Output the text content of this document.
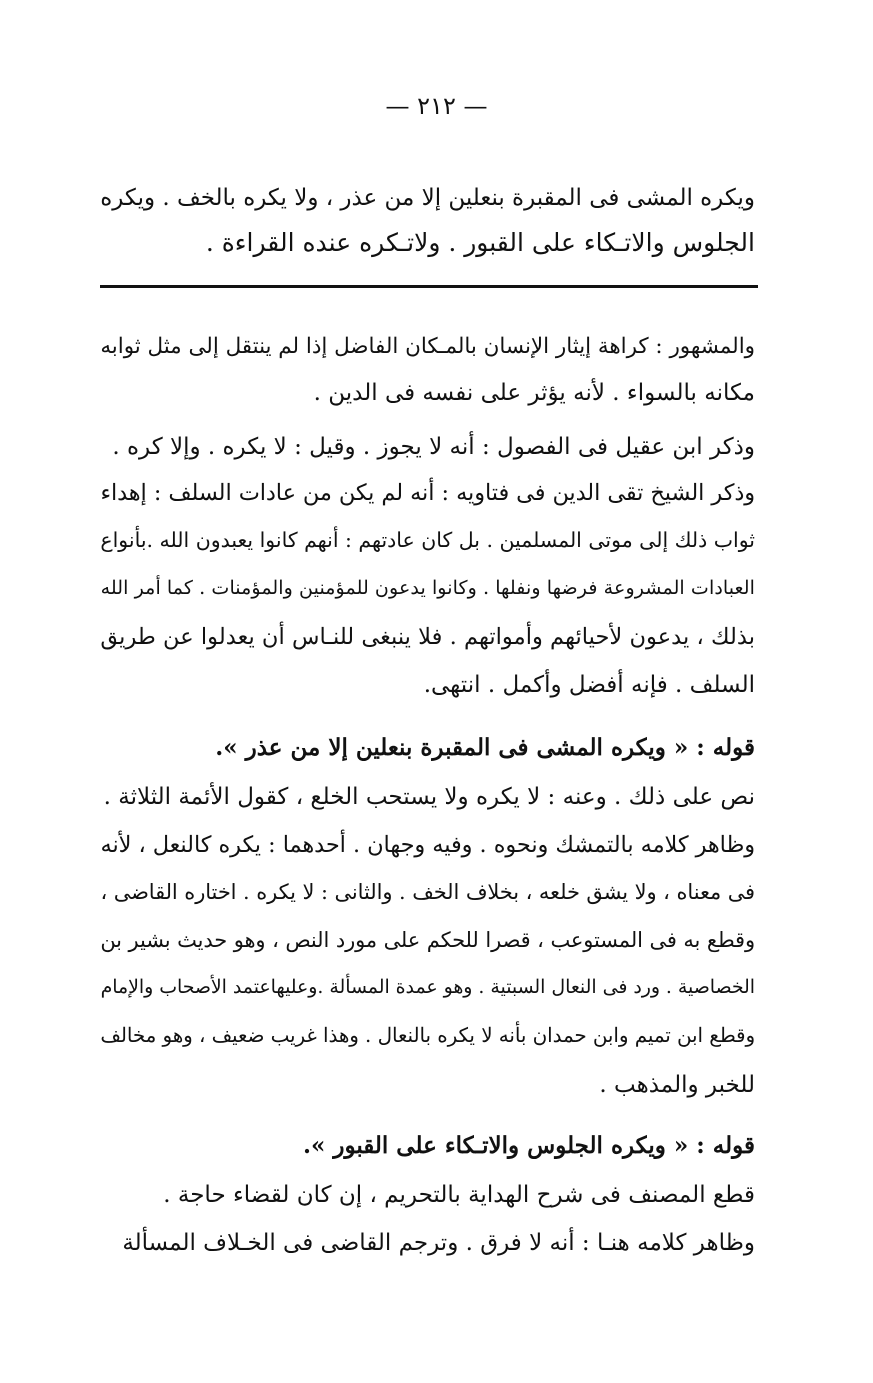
— ٢١٢ —
ويكره المشى فى المقبرة بنعلين إلا من عذر ، ولا يكره بالخف . ويكره
الجلوس والاتـكاء على القبور . ولاتـكره عنده القراءة .
والمشهور : كراهة إيثار الإنسان بالمـكان الفاضل إذا لم ينتقل إلى مثل ثوابه
مكانه بالسواء . لأنه يؤثر على نفسه فى الدين .
وذكر ابن عقيل فى الفصول : أنه لا يجوز . وقيل : لا يكره . وإلا كره .
وذكر الشيخ تقى الدين فى فتاويه : أنه لم يكن من عادات السلف : إهداء
ثواب ذلك إلى موتى المسلمين . بل كان عادتهم : أنهم كانوا يعبدون الله .بأنواع
العبادات المشروعة فرضها ونفلها . وكانوا يدعون للمؤمنين والمؤمنات . كما أمر الله
بذلك ، يدعون لأحيائهم وأمواتهم . فلا ينبغى للنـاس أن يعدلوا عن طريق
السلف . فإنه أفضل وأكمل . انتهى.
قوله : « ويكره المشى فى المقبرة بنعلين إلا من عذر ».
نص على ذلك . وعنه : لا يكره ولا يستحب الخلع ، كقول الأئمة الثلاثة .
وظاهر كلامه بالتمشك ونحوه . وفيه وجهان . أحدهما : يكره كالنعل ، لأنه
فى معناه ، ولا يشق خلعه ، بخلاف الخف . والثانى : لا يكره . اختاره القاضى ،
وقطع به فى المستوعب ، قصرا للحكم على مورد النص ، وهو حديث بشير بن
الخصاصية . ورد فى النعال السبتية . وهو عمدة المسألة .وعليهاعتمد الأصحاب والإمام
وقطع ابن تميم وابن حمدان بأنه لا يكره بالنعال . وهذا غريب ضعيف ، وهو مخالف
للخبر والمذهب .
قوله : « ويكره الجلوس والاتـكاء على القبور ».
قطع المصنف فى شرح الهداية بالتحريم ، إن كان لقضاء حاجة .
وظاهر كلامه هنـا : أنه لا فرق . وترجم القاضى فى الخـلاف المسألة
